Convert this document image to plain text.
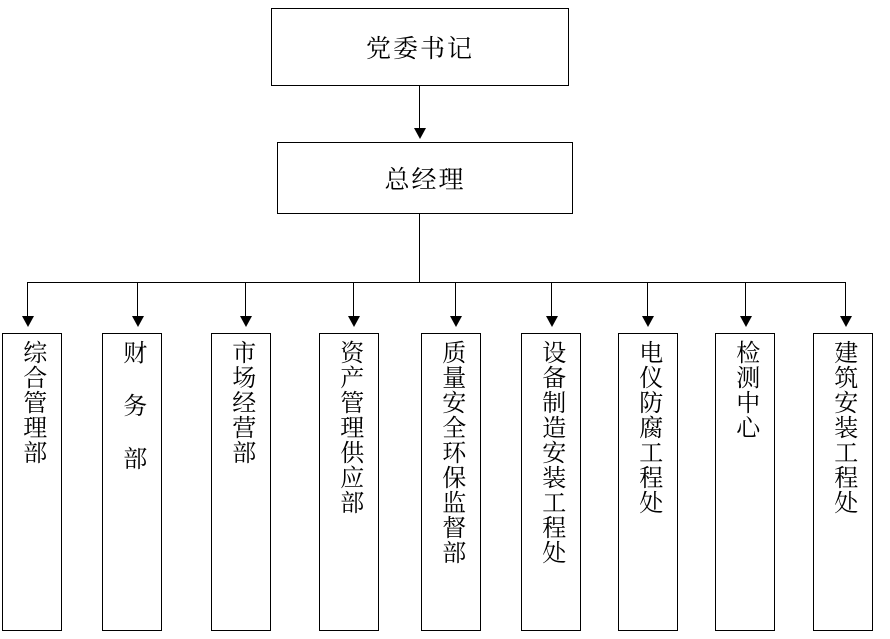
党委书记
总经理
综合管理部	财 务 部	市场经营部	资产管理供应部	质量安全环保监督部	设备制造安装工程处	电仪防腐工程处	检测中心	建筑安装工程处
